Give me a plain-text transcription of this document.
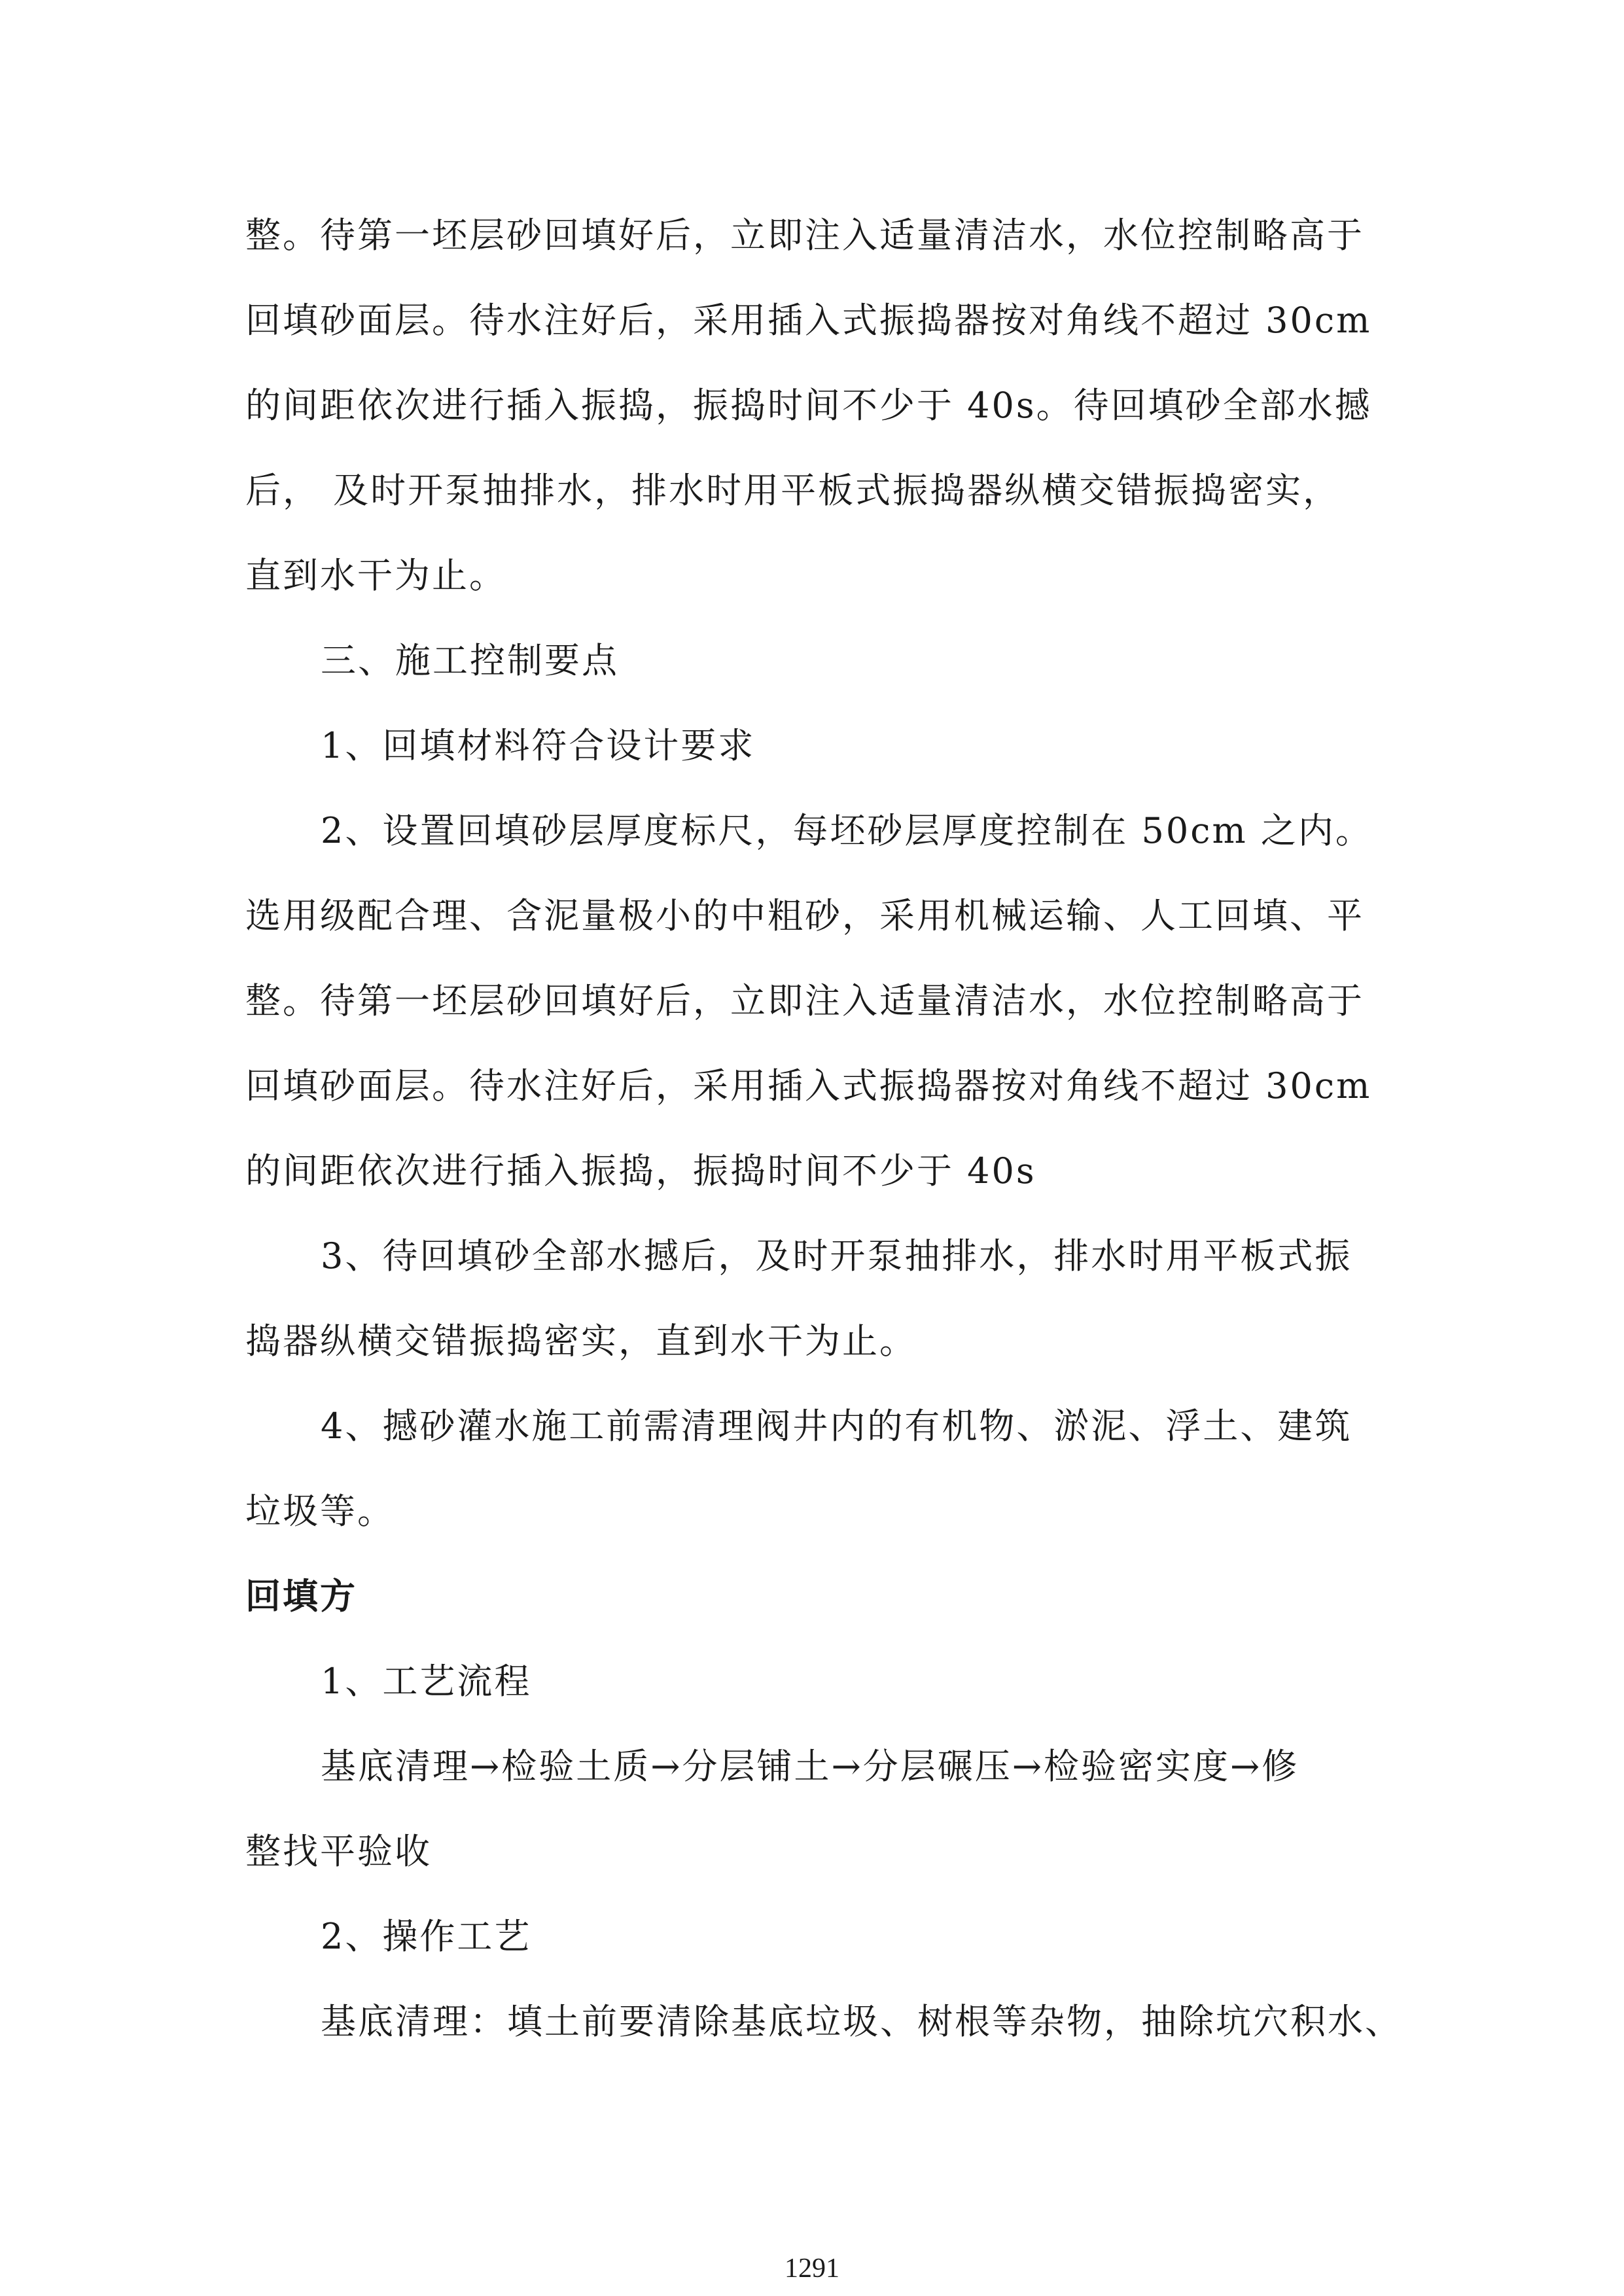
整。待第一坯层砂回填好后，立即注入适量清洁水，水位控制略高于
回填砂面层。待水注好后，采用插入式振捣器按对角线不超过 30cm
的间距依次进行插入振捣，振捣时间不少于 40s。待回填砂全部水撼
后， 及时开泵抽排水，排水时用平板式振捣器纵横交错振捣密实，
直到水干为止。
三、施工控制要点
1、回填材料符合设计要求
2、设置回填砂层厚度标尺，每坯砂层厚度控制在 50cm 之内。
选用级配合理、含泥量极小的中粗砂，采用机械运输、人工回填、平
整。待第一坯层砂回填好后，立即注入适量清洁水，水位控制略高于
回填砂面层。待水注好后，采用插入式振捣器按对角线不超过 30cm
的间距依次进行插入振捣，振捣时间不少于 40s
3、待回填砂全部水撼后，及时开泵抽排水，排水时用平板式振
捣器纵横交错振捣密实，直到水干为止。
4、撼砂灌水施工前需清理阀井内的有机物、淤泥、浮土、建筑
垃圾等。
回填方
1、工艺流程
基底清理→检验土质→分层铺土→分层碾压→检验密实度→修
整找平验收
2、操作工艺
基底清理：填土前要清除基底垃圾、树根等杂物，抽除坑穴积水、
1291
